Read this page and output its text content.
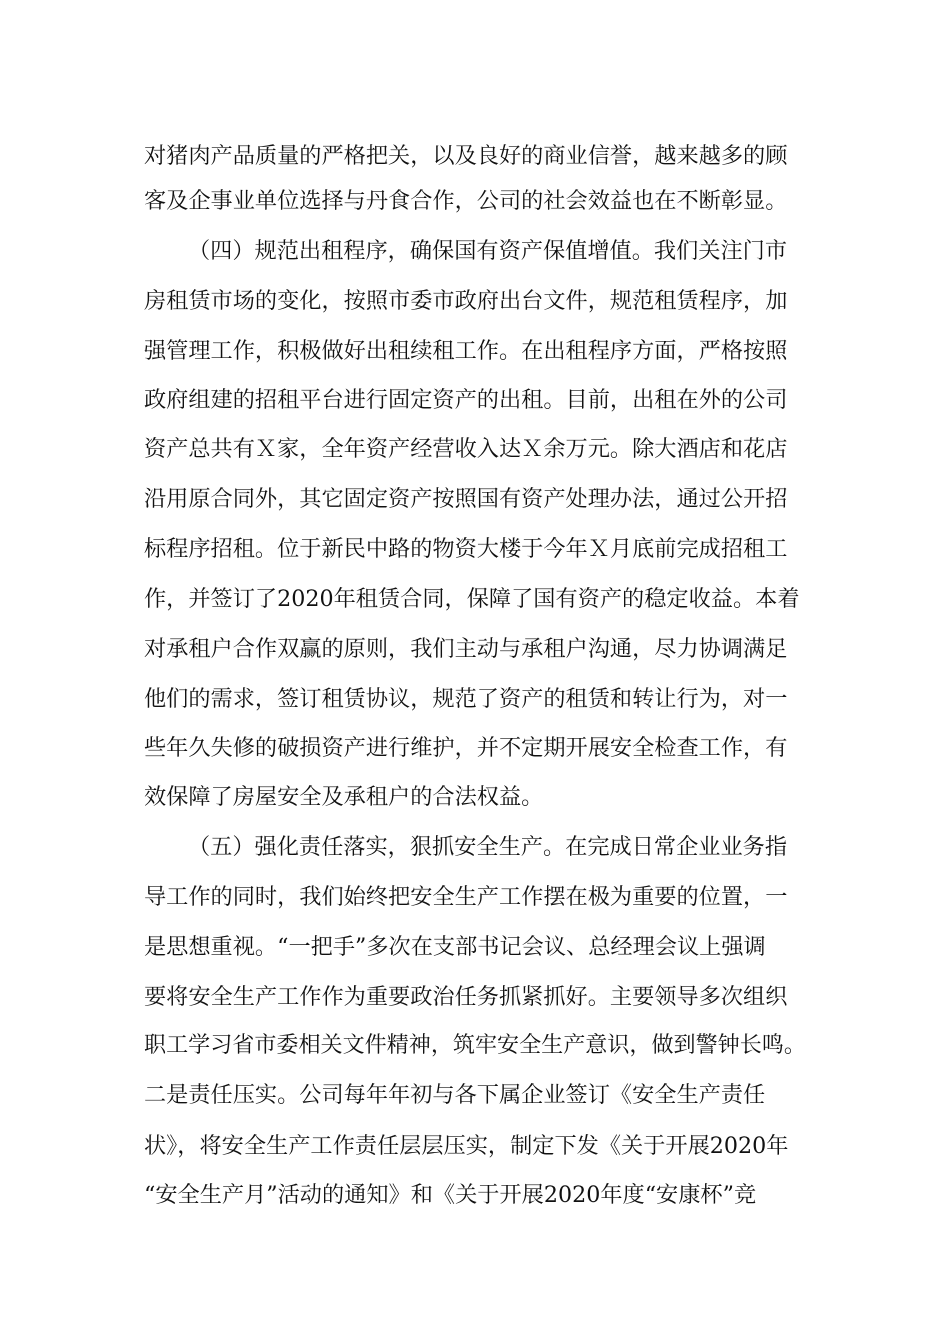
对猪肉产品质量的严格把关，以及良好的商业信誉，越来越多的顾
客及企事业单位选择与丹食合作，公司的社会效益也在不断彰显。
（四）规范出租程序，确保国有资产保值增值。我们关注门市
房租赁市场的变化，按照市委市政府出台文件，规范租赁程序，加
强管理工作，积极做好出租续租工作。在出租程序方面，严格按照
政府组建的招租平台进行固定资产的出租。目前，出租在外的公司
资产总共有Ｘ家，全年资产经营收入达Ｘ余万元。除大酒店和花店
沿用原合同外，其它固定资产按照国有资产处理办法，通过公开招
标程序招租。位于新民中路的物资大楼于今年Ｘ月底前完成招租工
作，并签订了2020年租赁合同，保障了国有资产的稳定收益。本着
对承租户合作双赢的原则，我们主动与承租户沟通，尽力协调满足
他们的需求，签订租赁协议，规范了资产的租赁和转让行为，对一
些年久失修的破损资产进行维护，并不定期开展安全检查工作，有
效保障了房屋安全及承租户的合法权益。
（五）强化责任落实，狠抓安全生产。在完成日常企业业务指
导工作的同时，我们始终把安全生产工作摆在极为重要的位置，一
是思想重视。“一把手”多次在支部书记会议、总经理会议上强调
要将安全生产工作作为重要政治任务抓紧抓好。主要领导多次组织
职工学习省市委相关文件精神，筑牢安全生产意识，做到警钟长鸣。
二是责任压实。公司每年年初与各下属企业签订《安全生产责任
状》，将安全生产工作责任层层压实，制定下发《关于开展2020年
“安全生产月”活动的通知》和《关于开展2020年度“安康杯”竞
